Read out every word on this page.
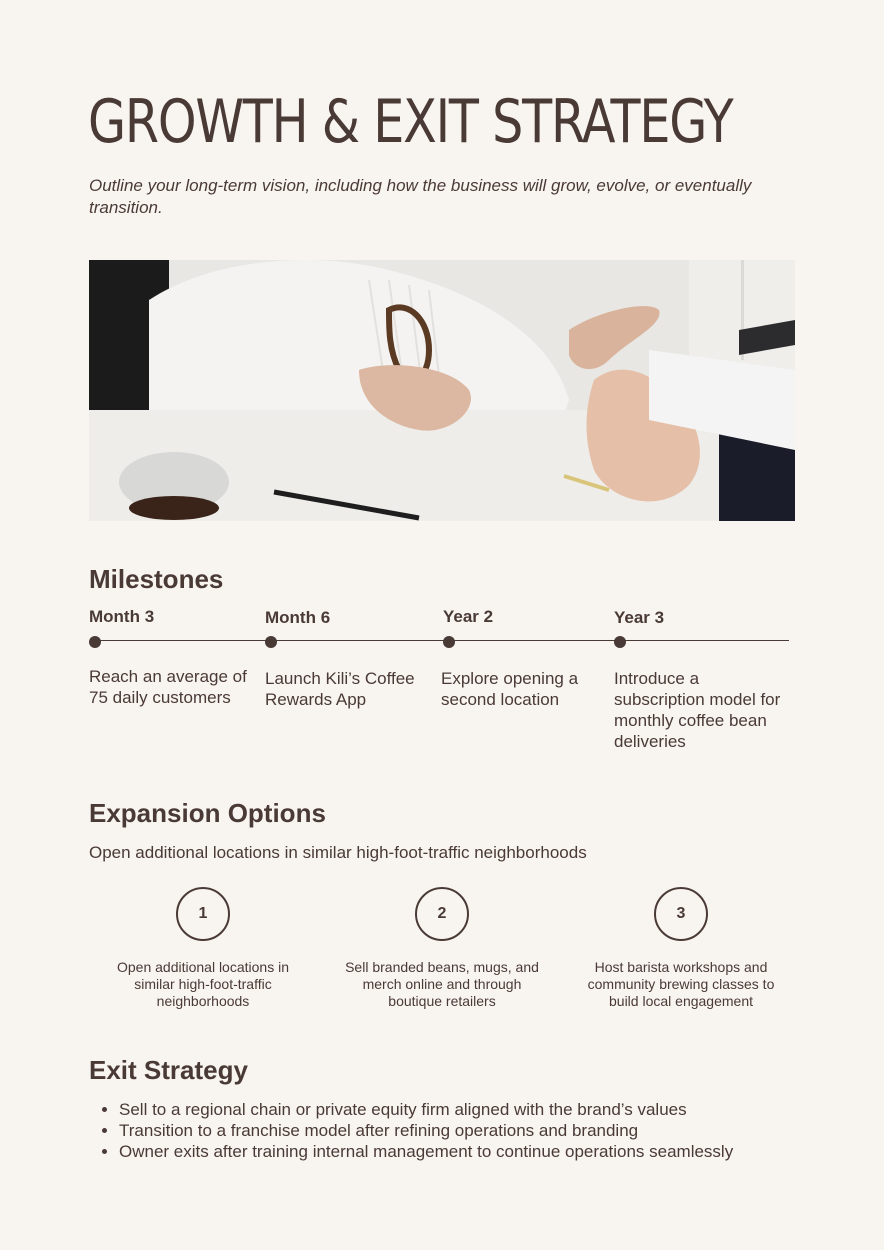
GROWTH & EXIT STRATEGY

Outline your long-term vision, including how the business will grow, evolve, or eventually transition.

Milestones
Month 3
Reach an average of 75 daily customers
Month 6
Launch Kili’s Coffee Rewards App
Year 2
Explore opening a second location
Year 3
Introduce a subscription model for monthly coffee bean deliveries
Expansion Options

Open additional locations in similar high-foot-traffic neighborhoods

1
Open additional locations in similar high-foot-traffic neighborhoods
2
Sell branded beans, mugs, and merch online and through boutique retailers
3
Host barista workshops and community brewing classes to build local engagement
Exit Strategy
• Sell to a regional chain or private equity firm aligned with the brand’s values
• Transition to a franchise model after refining operations and branding
• Owner exits after training internal management to continue operations seamlessly
